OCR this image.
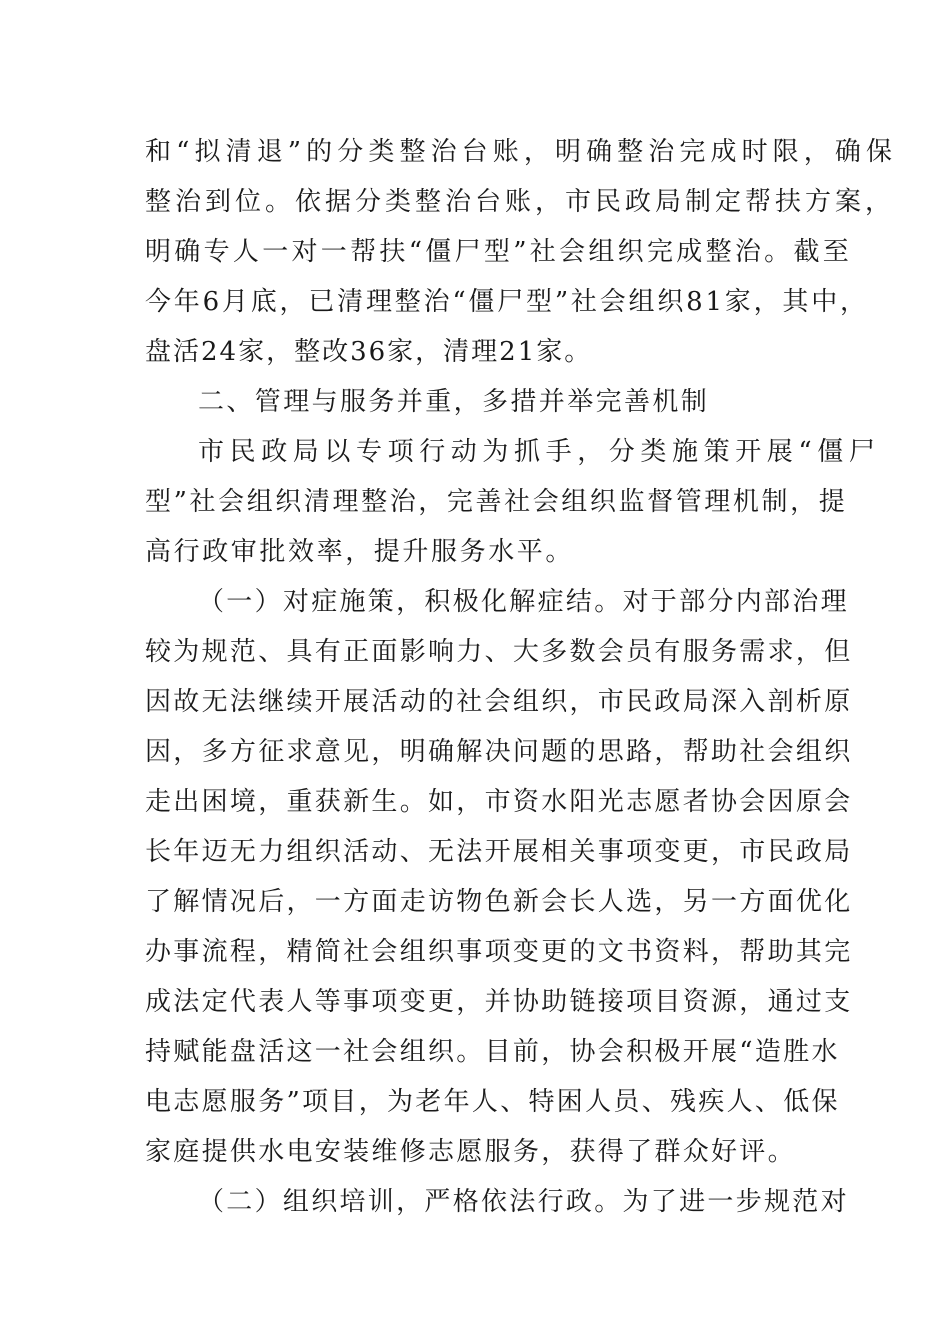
和“拟清退”的分类整治台账，明确整治完成时限，确保
整治到位。依据分类整治台账，市民政局制定帮扶方案，
明确专人一对一帮扶“僵尸型”社会组织完成整治。截至
今年6月底，已清理整治“僵尸型”社会组织81家，其中，
盘活24家，整改36家，清理21家。
二、管理与服务并重，多措并举完善机制
市民政局以专项行动为抓手，分类施策开展“僵尸
型”社会组织清理整治，完善社会组织监督管理机制，提
高行政审批效率，提升服务水平。
（一）对症施策，积极化解症结。对于部分内部治理
较为规范、具有正面影响力、大多数会员有服务需求，但
因故无法继续开展活动的社会组织，市民政局深入剖析原
因，多方征求意见，明确解决问题的思路，帮助社会组织
走出困境，重获新生。如，市资水阳光志愿者协会因原会
长年迈无力组织活动、无法开展相关事项变更，市民政局
了解情况后，一方面走访物色新会长人选，另一方面优化
办事流程，精简社会组织事项变更的文书资料，帮助其完
成法定代表人等事项变更，并协助链接项目资源，通过支
持赋能盘活这一社会组织。目前，协会积极开展“造胜水
电志愿服务”项目，为老年人、特困人员、残疾人、低保
家庭提供水电安装维修志愿服务，获得了群众好评。
（二）组织培训，严格依法行政。为了进一步规范对
